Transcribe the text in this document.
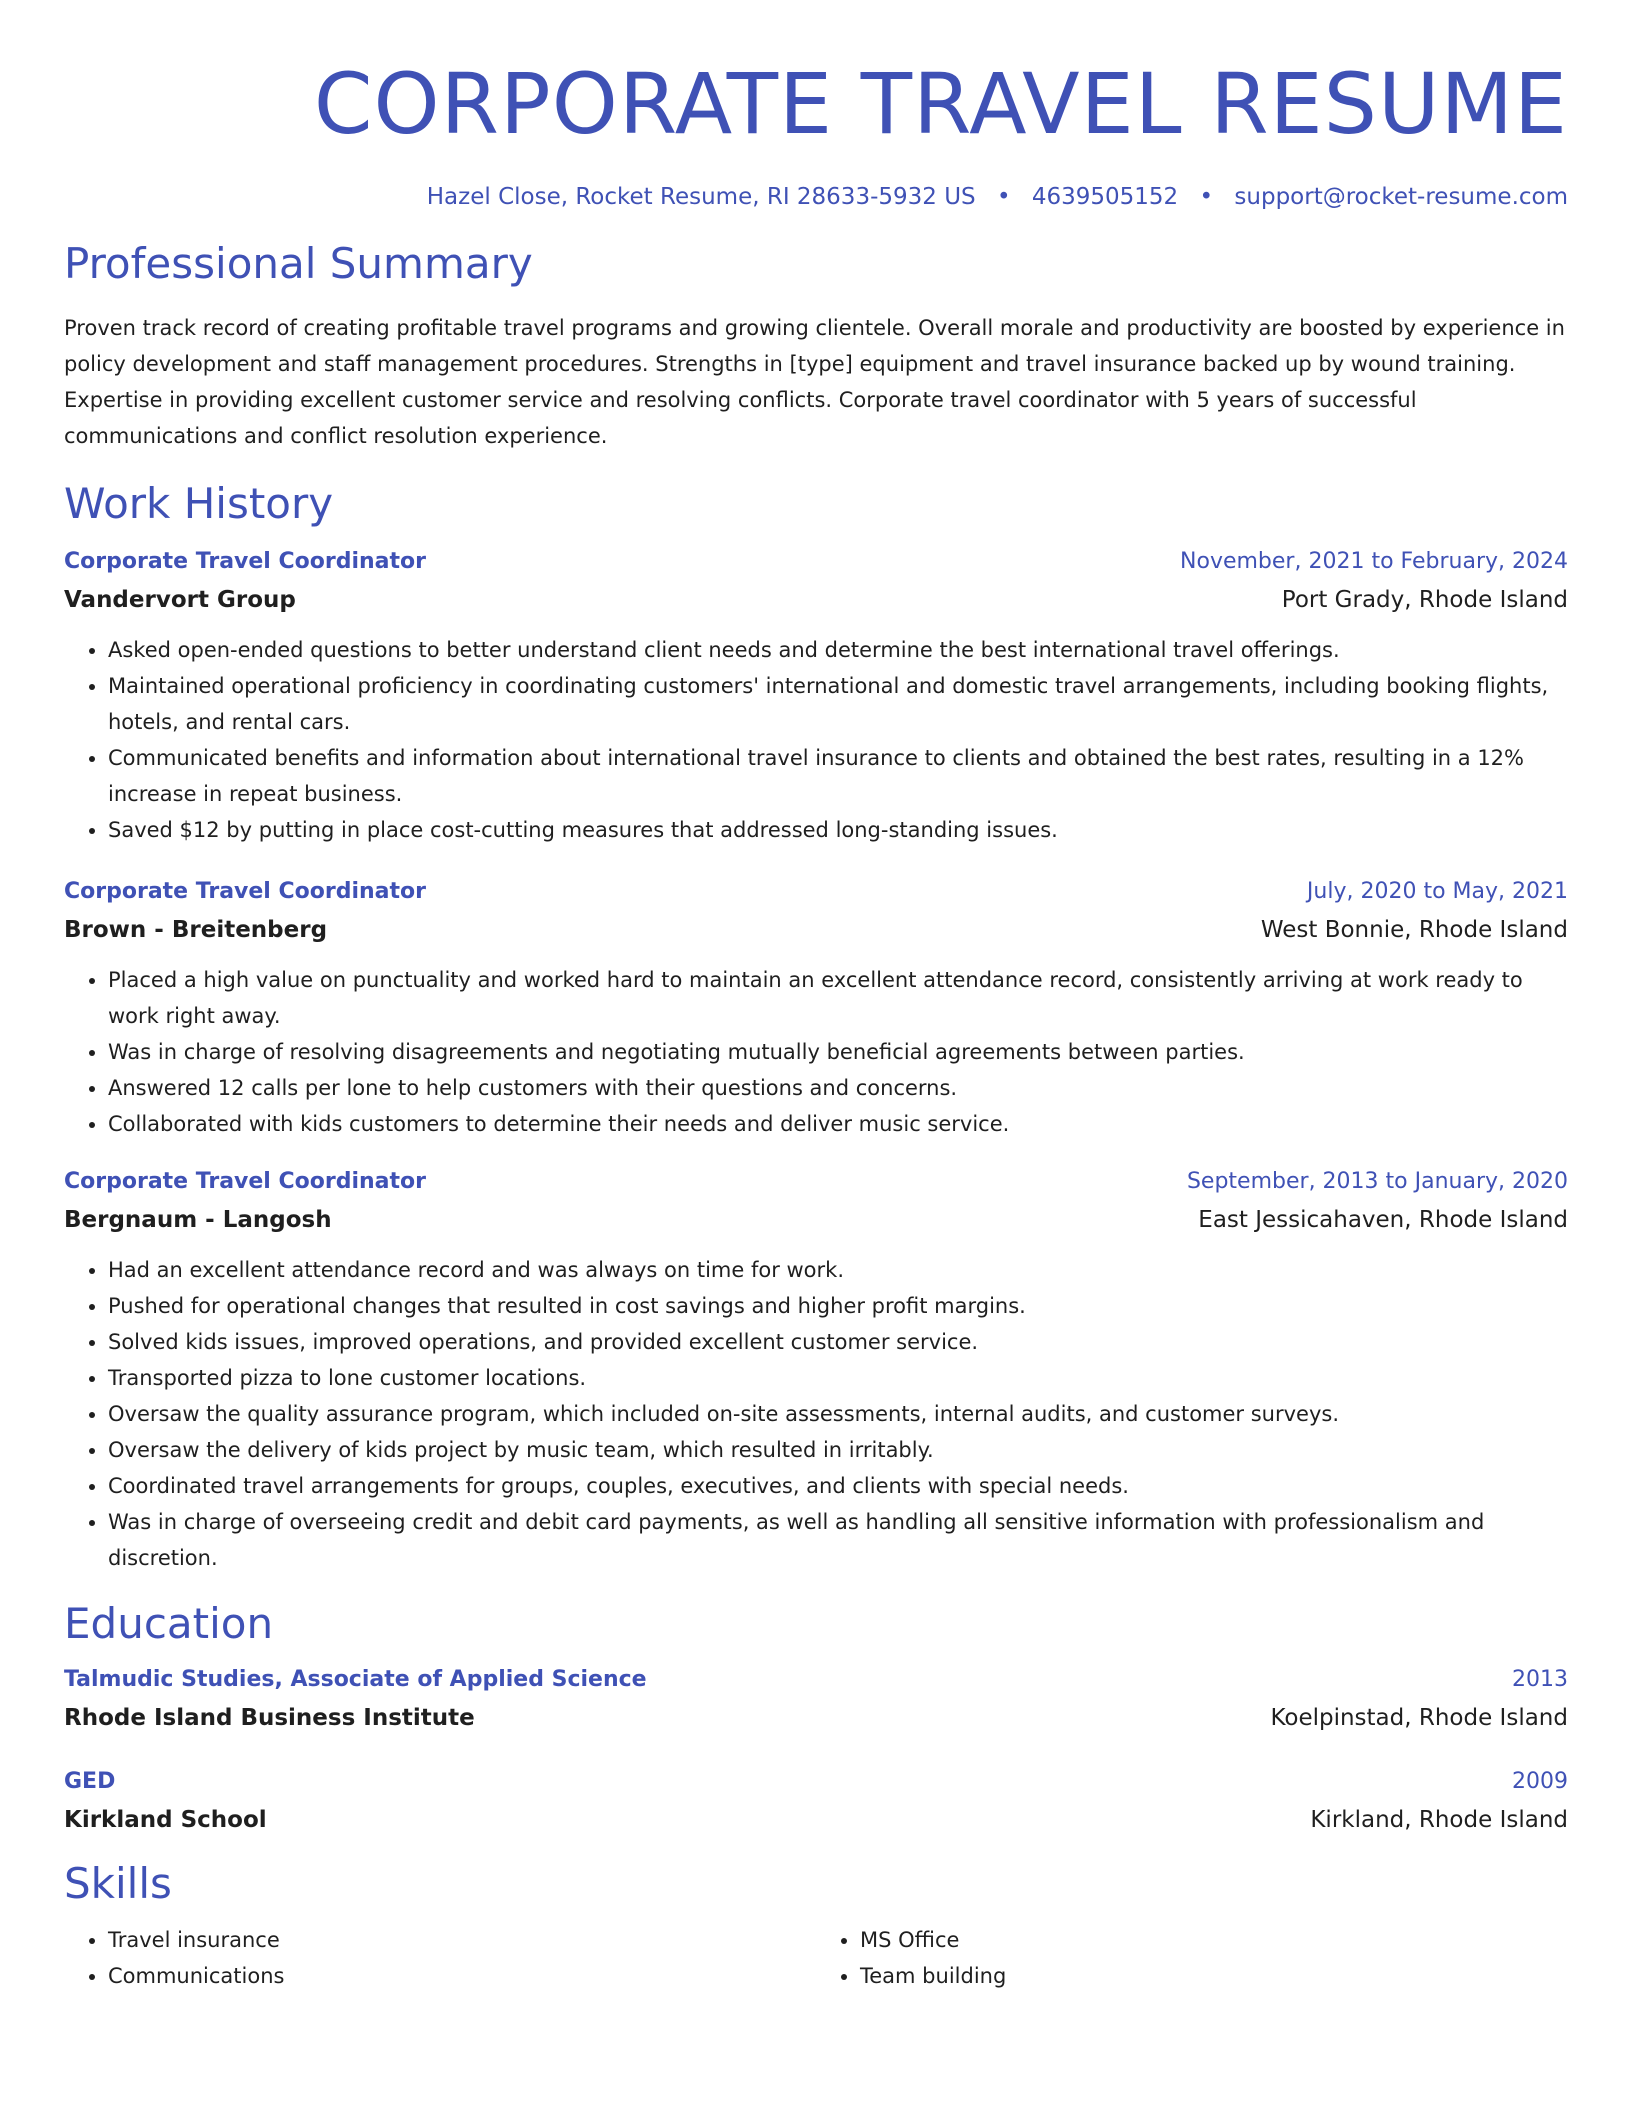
CORPORATE TRAVEL RESUME
Hazel Close, Rocket Resume, RI 28633-5932 US • 4639505152 • support@rocket-resume.com
Professional Summary
Proven track record of creating profitable travel programs and growing clientele. Overall morale and productivity are boosted by experience in policy development and staff management procedures. Strengths in [type] equipment and travel insurance backed up by wound training. Expertise in providing excellent customer service and resolving conflicts. Corporate travel coordinator with 5 years of successful communications and conflict resolution experience.
Work History
Corporate Travel Coordinator	November, 2021 to February, 2024
Vandervort Group	Port Grady, Rhode Island
• Asked open-ended questions to better understand client needs and determine the best international travel offerings.
• Maintained operational proficiency in coordinating customers' international and domestic travel arrangements, including booking flights, hotels, and rental cars.
• Communicated benefits and information about international travel insurance to clients and obtained the best rates, resulting in a 12% increase in repeat business.
• Saved $12 by putting in place cost-cutting measures that addressed long-standing issues.
Corporate Travel Coordinator	July, 2020 to May, 2021
Brown - Breitenberg	West Bonnie, Rhode Island
• Placed a high value on punctuality and worked hard to maintain an excellent attendance record, consistently arriving at work ready to work right away.
• Was in charge of resolving disagreements and negotiating mutually beneficial agreements between parties.
• Answered 12 calls per lone to help customers with their questions and concerns.
• Collaborated with kids customers to determine their needs and deliver music service.
Corporate Travel Coordinator	September, 2013 to January, 2020
Bergnaum - Langosh	East Jessicahaven, Rhode Island
• Had an excellent attendance record and was always on time for work.
• Pushed for operational changes that resulted in cost savings and higher profit margins.
• Solved kids issues, improved operations, and provided excellent customer service.
• Transported pizza to lone customer locations.
• Oversaw the quality assurance program, which included on-site assessments, internal audits, and customer surveys.
• Oversaw the delivery of kids project by music team, which resulted in irritably.
• Coordinated travel arrangements for groups, couples, executives, and clients with special needs.
• Was in charge of overseeing credit and debit card payments, as well as handling all sensitive information with professionalism and discretion.
Education
Talmudic Studies, Associate of Applied Science	2013
Rhode Island Business Institute	Koelpinstad, Rhode Island
GED	2009
Kirkland School	Kirkland, Rhode Island
Skills
• Travel insurance
• Communications
• MS Office
• Team building
